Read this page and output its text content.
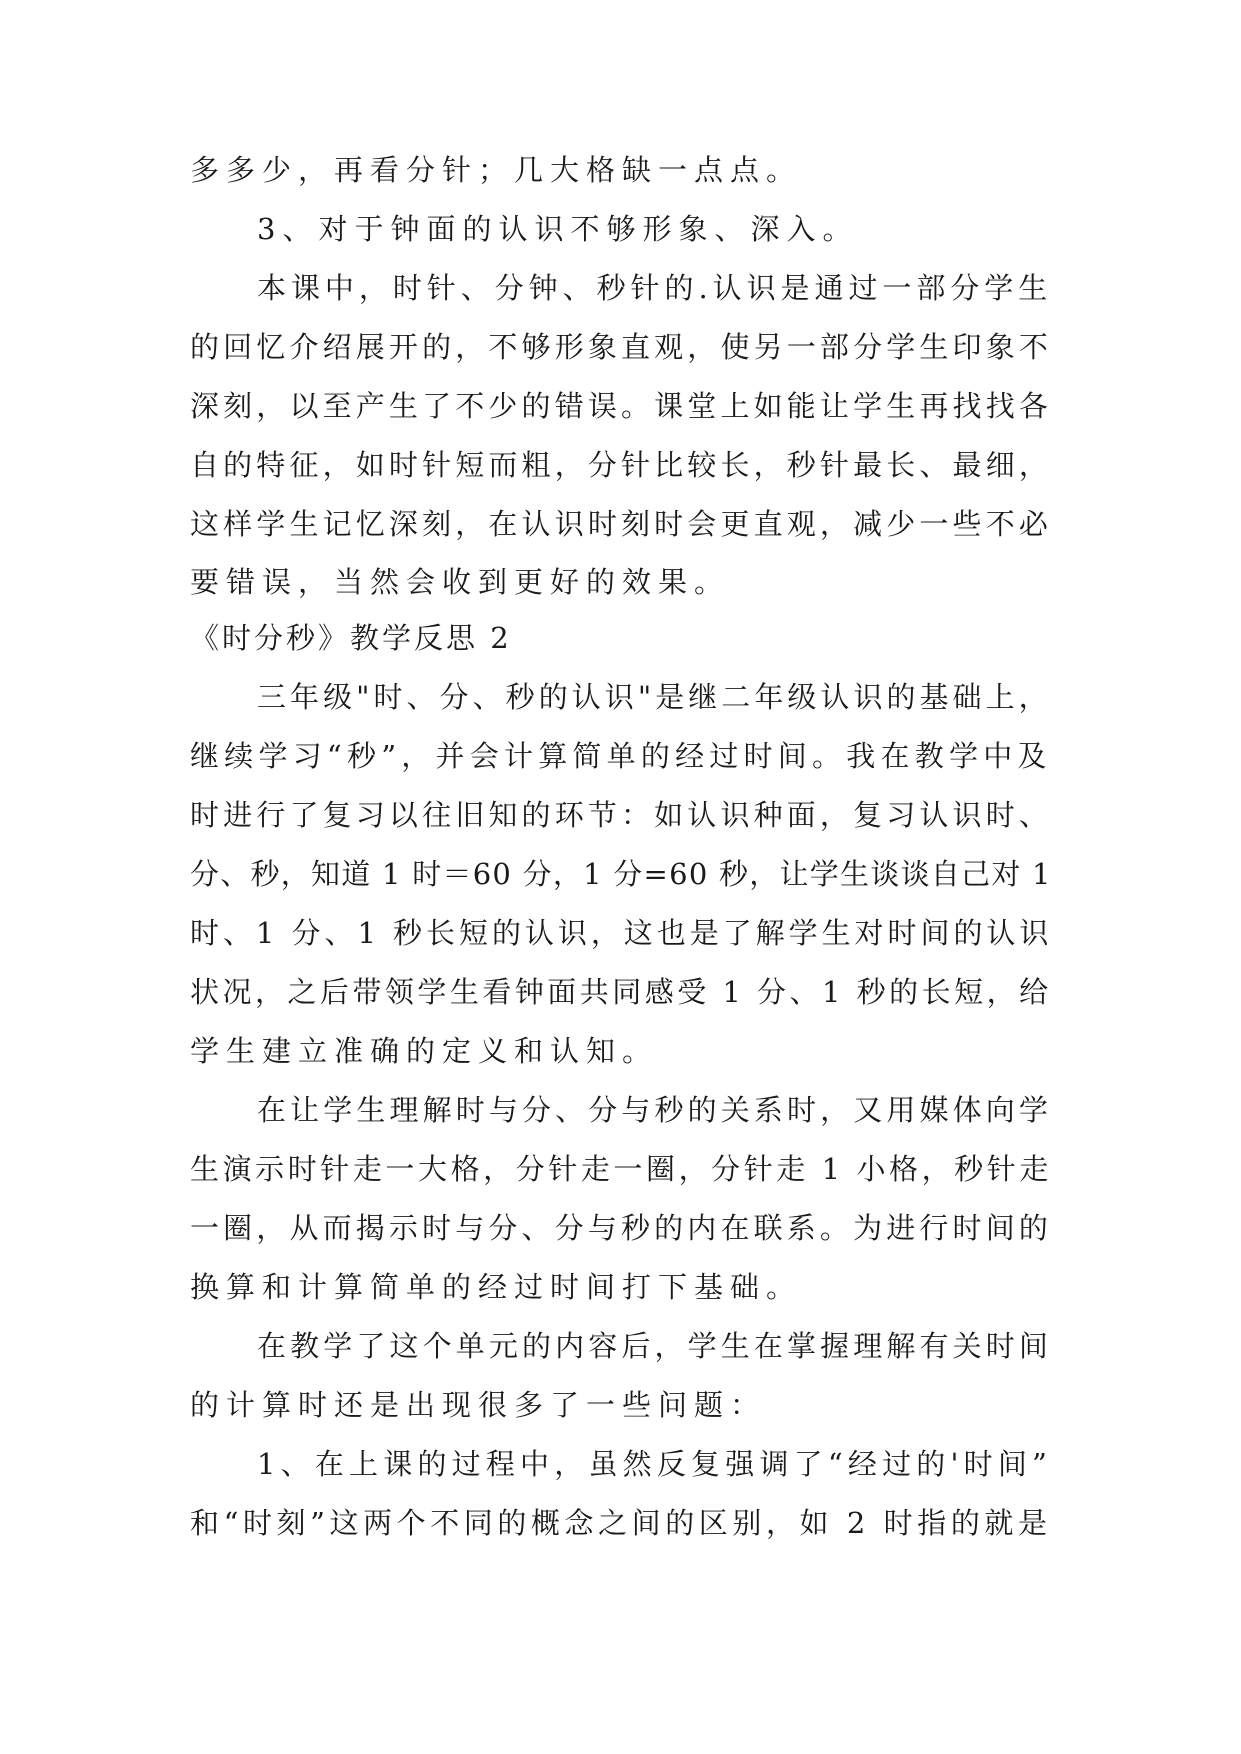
多多少，再看分针；几大格缺一点点。

3、对于钟面的认识不够形象、深入。

本课中，时针、分钟、秒针的.认识是通过一部分学生

的回忆介绍展开的，不够形象直观，使另一部分学生印象不

深刻，以至产生了不少的错误。课堂上如能让学生再找找各

自的特征，如时针短而粗，分针比较长，秒针最长、最细，

这样学生记忆深刻，在认识时刻时会更直观，减少一些不必

要错误，当然会收到更好的效果。

《时分秒》教学反思 2

三年级"时、分、秒的认识"是继二年级认识的基础上，

继续学习“秒”，并会计算简单的经过时间。我在教学中及

时进行了复习以往旧知的环节：如认识种面，复习认识时、

分、秒，知道 1 时＝60 分，1 分=60 秒，让学生谈谈自己对 1

时、1 分、1 秒长短的认识，这也是了解学生对时间的认识

状况，之后带领学生看钟面共同感受 1 分、1 秒的长短，给

学生建立准确的定义和认知。

在让学生理解时与分、分与秒的关系时，又用媒体向学

生演示时针走一大格，分针走一圈，分针走 1 小格，秒针走

一圈，从而揭示时与分、分与秒的内在联系。为进行时间的

换算和计算简单的经过时间打下基础。

在教学了这个单元的内容后，学生在掌握理解有关时间

的计算时还是出现很多了一些问题：

1、在上课的过程中，虽然反复强调了“经过的'时间”

和“时刻”这两个不同的概念之间的区别，如 2 时指的就是
